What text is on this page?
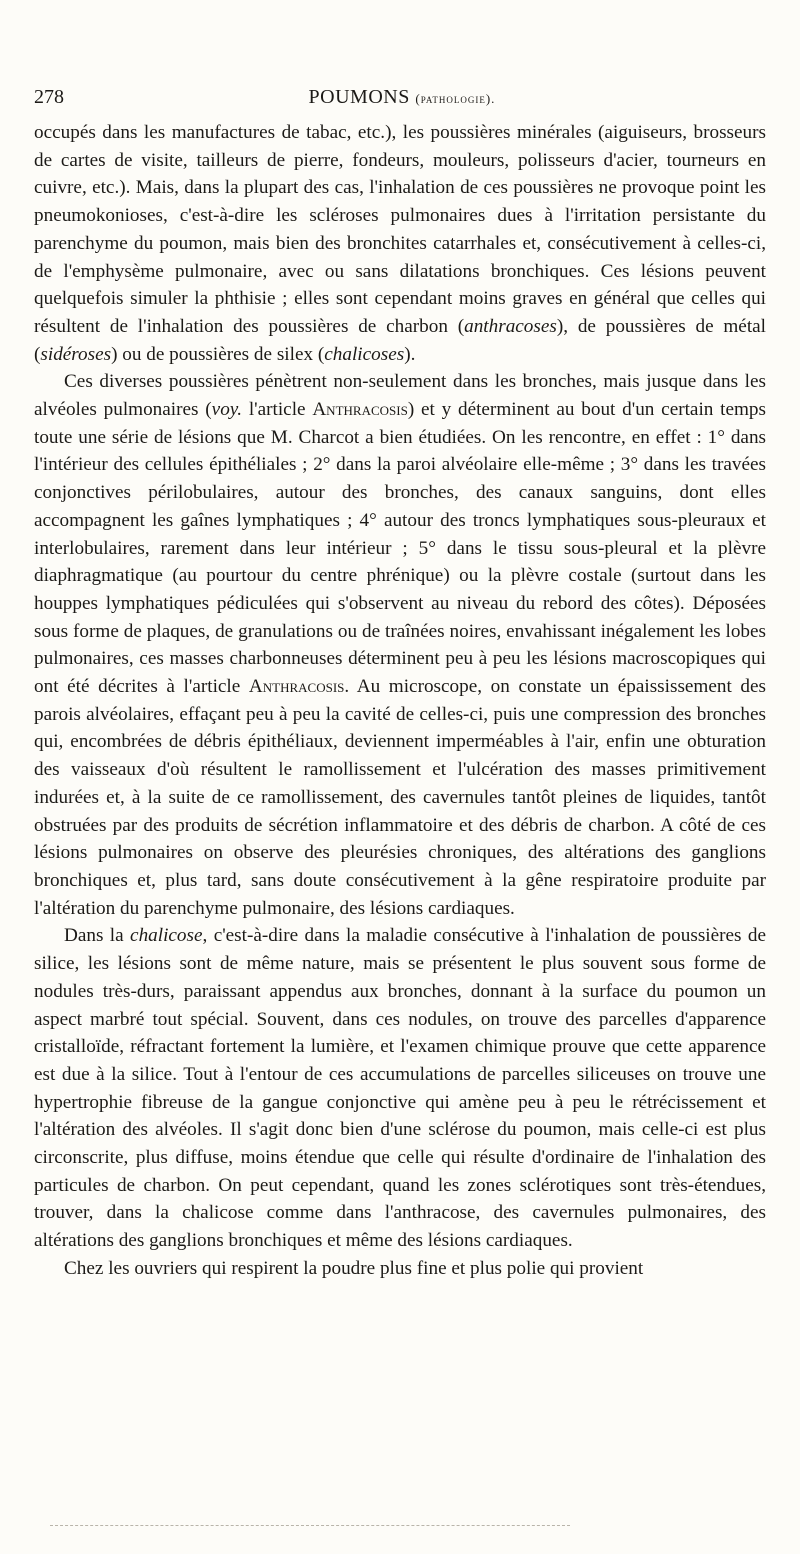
278	POUMONS (pathologie).

occupés dans les manufactures de tabac, etc.), les poussières minérales (aiguiseurs, brosseurs de cartes de visite, tailleurs de pierre, fondeurs, mouleurs, polisseurs d'acier, tourneurs en cuivre, etc.). Mais, dans la plupart des cas, l'inhalation de ces poussières ne provoque point les pneumokonioses, c'est-à-dire les scléroses pulmonaires dues à l'irritation persistante du parenchyme du poumon, mais bien des bronchites catarrhales et, consécutivement à celles-ci, de l'emphysème pulmonaire, avec ou sans dilatations bronchiques. Ces lésions peuvent quelquefois simuler la phthisie ; elles sont cependant moins graves en général que celles qui résultent de l'inhalation des poussières de charbon (anthracoses), de poussières de métal (sidéroses) ou de poussières de silex (chalicoses).

Ces diverses poussières pénètrent non-seulement dans les bronches, mais jusque dans les alvéoles pulmonaires (voy. l'article Anthracosis) et y déterminent au bout d'un certain temps toute une série de lésions que M. Charcot a bien étudiées. On les rencontre, en effet : 1° dans l'intérieur des cellules épithéliales ; 2° dans la paroi alvéolaire elle-même ; 3° dans les travées conjonctives périlobulaires, autour des bronches, des canaux sanguins, dont elles accompagnent les gaînes lymphatiques ; 4° autour des troncs lymphatiques sous-pleuraux et interlobulaires, rarement dans leur intérieur ; 5° dans le tissu sous-pleural et la plèvre diaphragmatique (au pourtour du centre phrénique) ou la plèvre costale (surtout dans les houppes lymphatiques pédiculées qui s'observent au niveau du rebord des côtes). Déposées sous forme de plaques, de granulations ou de traînées noires, envahissant inégalement les lobes pulmonaires, ces masses charbonneuses déterminent peu à peu les lésions macroscopiques qui ont été décrites à l'article Anthracosis. Au microscope, on constate un épaississement des parois alvéolaires, effaçant peu à peu la cavité de celles-ci, puis une compression des bronches qui, encombrées de débris épithéliaux, deviennent imperméables à l'air, enfin une obturation des vaisseaux d'où résultent le ramollissement et l'ulcération des masses primitivement indurées et, à la suite de ce ramollissement, des cavernules tantôt pleines de liquides, tantôt obstruées par des produits de sécrétion inflammatoire et des débris de charbon. A côté de ces lésions pulmonaires on observe des pleurésies chroniques, des altérations des ganglions bronchiques et, plus tard, sans doute consécutivement à la gêne respiratoire produite par l'altération du parenchyme pulmonaire, des lésions cardiaques.

Dans la chalicose, c'est-à-dire dans la maladie consécutive à l'inhalation de poussières de silice, les lésions sont de même nature, mais se présentent le plus souvent sous forme de nodules très-durs, paraissant appendus aux bronches, donnant à la surface du poumon un aspect marbré tout spécial. Souvent, dans ces nodules, on trouve des parcelles d'apparence cristalloïde, réfractant fortement la lumière, et l'examen chimique prouve que cette apparence est due à la silice. Tout à l'entour de ces accumulations de parcelles siliceuses on trouve une hypertrophie fibreuse de la gangue conjonctive qui amène peu à peu le rétrécissement et l'altération des alvéoles. Il s'agit donc bien d'une sclérose du poumon, mais celle-ci est plus circonscrite, plus diffuse, moins étendue que celle qui résulte d'ordinaire de l'inhalation des particules de charbon. On peut cependant, quand les zones sclérotiques sont très-étendues, trouver, dans la chalicose comme dans l'anthracose, des cavernules pulmonaires, des altérations des ganglions bronchiques et même des lésions cardiaques.

Chez les ouvriers qui respirent la poudre plus fine et plus polie qui provient
